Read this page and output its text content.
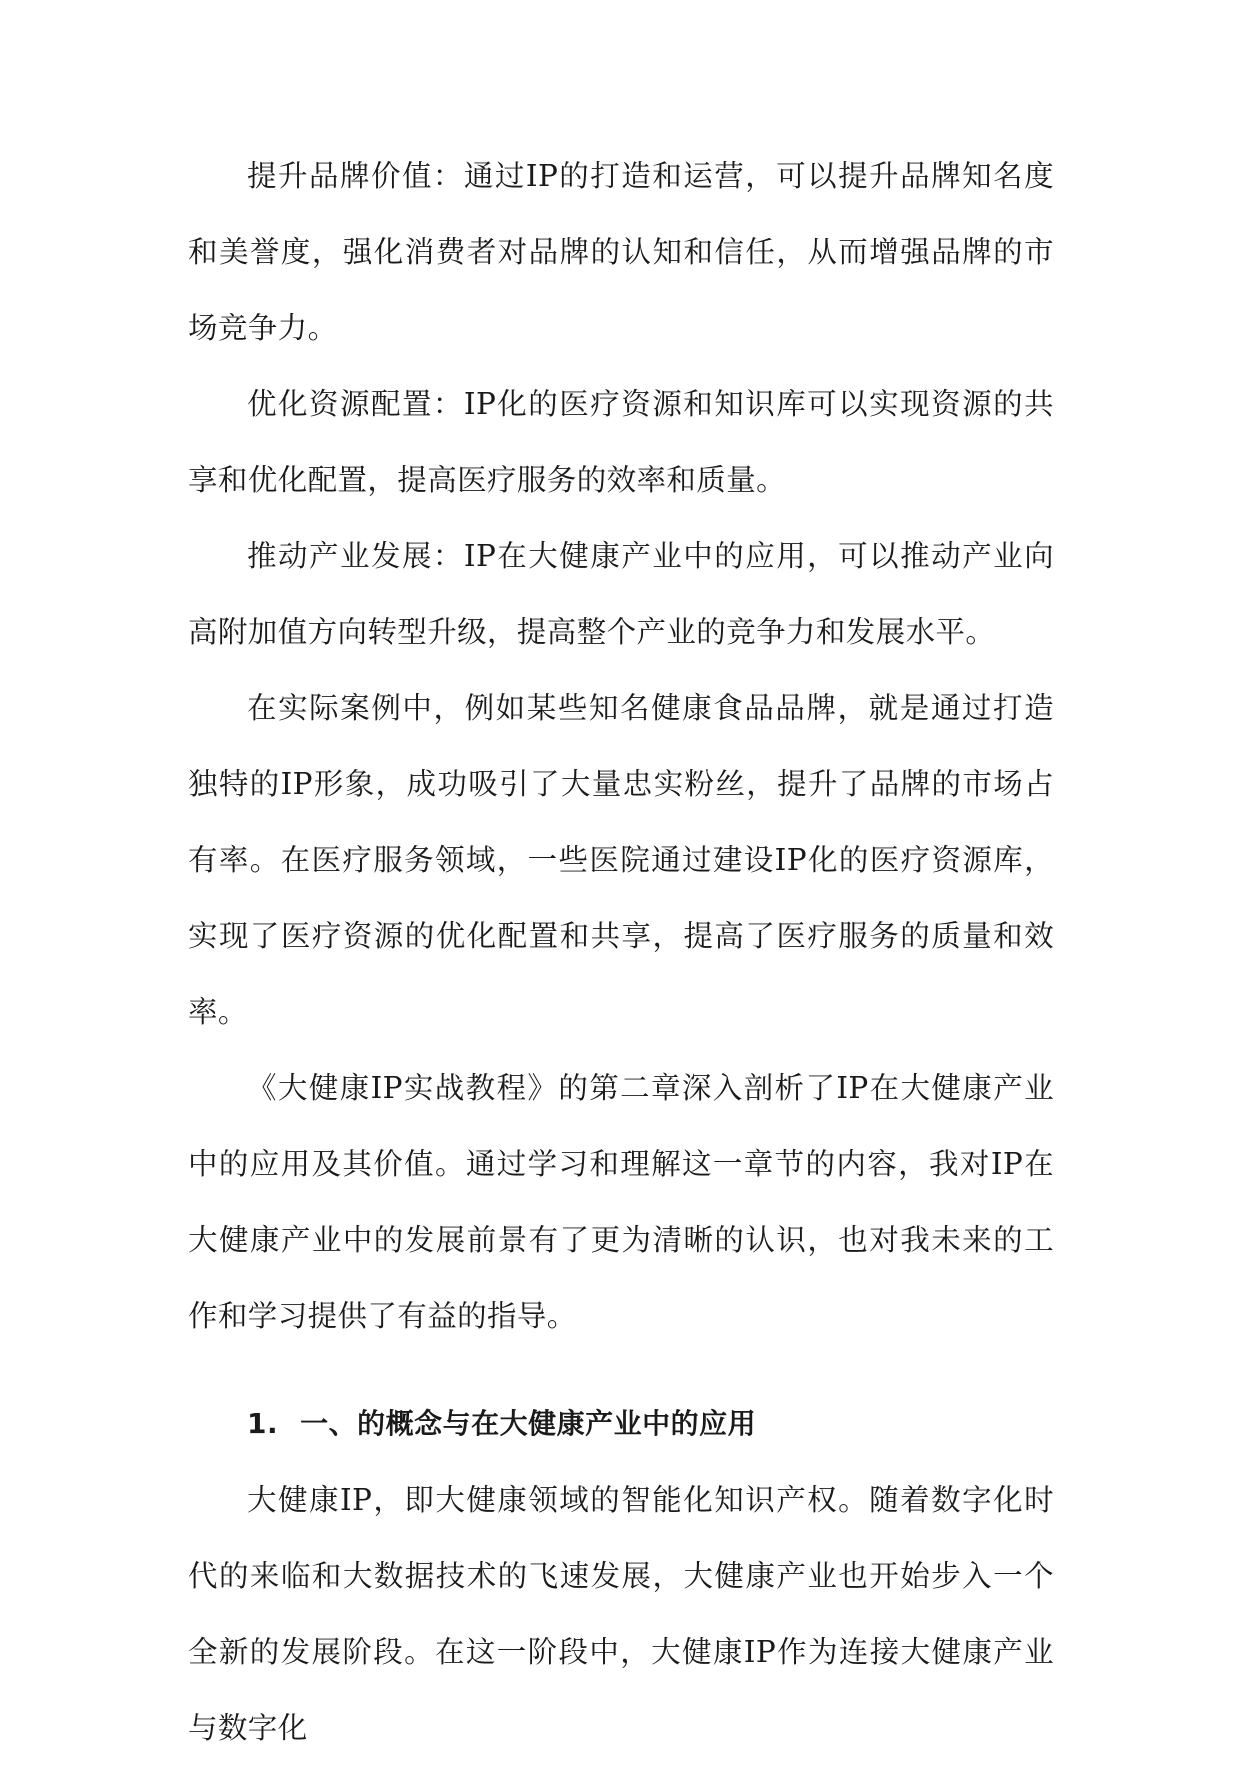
提升品牌价值：通过IP的打造和运营，可以提升品牌知名度和美誉度，强化消费者对品牌的认知和信任，从而增强品牌的市场竞争力。

优化资源配置：IP化的医疗资源和知识库可以实现资源的共享和优化配置，提高医疗服务的效率和质量。

推动产业发展：IP在大健康产业中的应用，可以推动产业向高附加值方向转型升级，提高整个产业的竞争力和发展水平。

在实际案例中，例如某些知名健康食品品牌，就是通过打造独特的IP形象，成功吸引了大量忠实粉丝，提升了品牌的市场占有率。在医疗服务领域，一些医院通过建设IP化的医疗资源库，实现了医疗资源的优化配置和共享，提高了医疗服务的质量和效率。

《大健康IP实战教程》的第二章深入剖析了IP在大健康产业中的应用及其价值。通过学习和理解这一章节的内容，我对IP在大健康产业中的发展前景有了更为清晰的认识，也对我未来的工作和学习提供了有益的指导。

1. 一、的概念与在大健康产业中的应用

大健康IP，即大健康领域的智能化知识产权。随着数字化时代的来临和大数据技术的飞速发展，大健康产业也开始步入一个全新的发展阶段。在这一阶段中，大健康IP作为连接大健康产业与数字化
